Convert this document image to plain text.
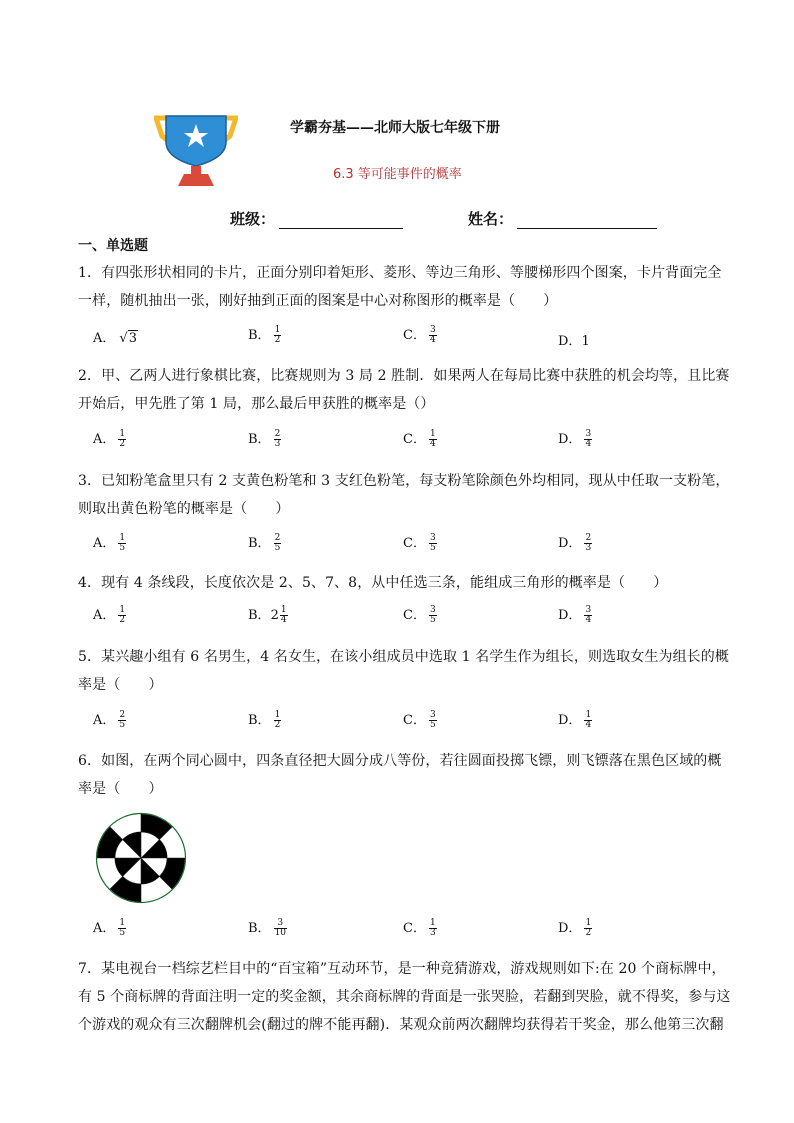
学霸夯基——北师大版七年级下册
6.3 等可能事件的概率
班级：	姓名：
一、单选题
1．有四张形状相同的卡片，正面分别印着矩形、菱形、等边三角形、等腰梯形四个图案，卡片背面完全
一样，随机抽出一张，刚好抽到正面的图案是中心对称图形的概率是（　　）
A． √3	B． $\frac{1}{2}$	C． $\frac{3}{4}$	D．1
2．甲、乙两人进行象棋比赛，比赛规则为 3 局 2 胜制．如果两人在每局比赛中获胜的机会均等，且比赛
开始后，甲先胜了第 1 局，那么最后甲获胜的概率是（）
A． $\frac{1}{2}$	B． $\frac{2}{3}$	C． $\frac{1}{4}$	D． $\frac{3}{4}$
3．已知粉笔盒里只有 2 支黄色粉笔和 3 支红色粉笔，每支粉笔除颜色外均相同，现从中任取一支粉笔，
则取出黄色粉笔的概率是（　　）
A． $\frac{1}{5}$	B． $\frac{2}{5}$	C． $\frac{3}{5}$	D． $\frac{2}{3}$
4．现有 4 条线段，长度依次是 2、5、7、8，从中任选三条，能组成三角形的概率是（　　）
A． $\frac{1}{2}$	B． $2 \frac{1}{4}$	C． $\frac{3}{5}$	D． $\frac{3}{4}$
5．某兴趣小组有 6 名男生，4 名女生，在该小组成员中选取 1 名学生作为组长，则选取女生为组长的概
率是（　　）
A． $\frac{2}{5}$	B． $\frac{1}{2}$	C． $\frac{3}{5}$	D． $\frac{1}{4}$
6．如图，在两个同心圆中，四条直径把大圆分成八等份，若往圆面投掷飞镖，则飞镖落在黑色区域的概
率是（　　）
A． $\frac{1}{5}$	B． $\frac{3}{10}$	C． $\frac{1}{3}$	D． $\frac{1}{2}$
7．某电视台一档综艺栏目中的“百宝箱”互动环节，是一种竞猜游戏，游戏规则如下:在 20 个商标牌中，
有 5 个商标牌的背面注明一定的奖金额，其余商标牌的背面是一张哭脸，若翻到哭脸，就不得奖，参与这
个游戏的观众有三次翻牌机会(翻过的牌不能再翻)．某观众前两次翻牌均获得若干奖金，那么他第三次翻
